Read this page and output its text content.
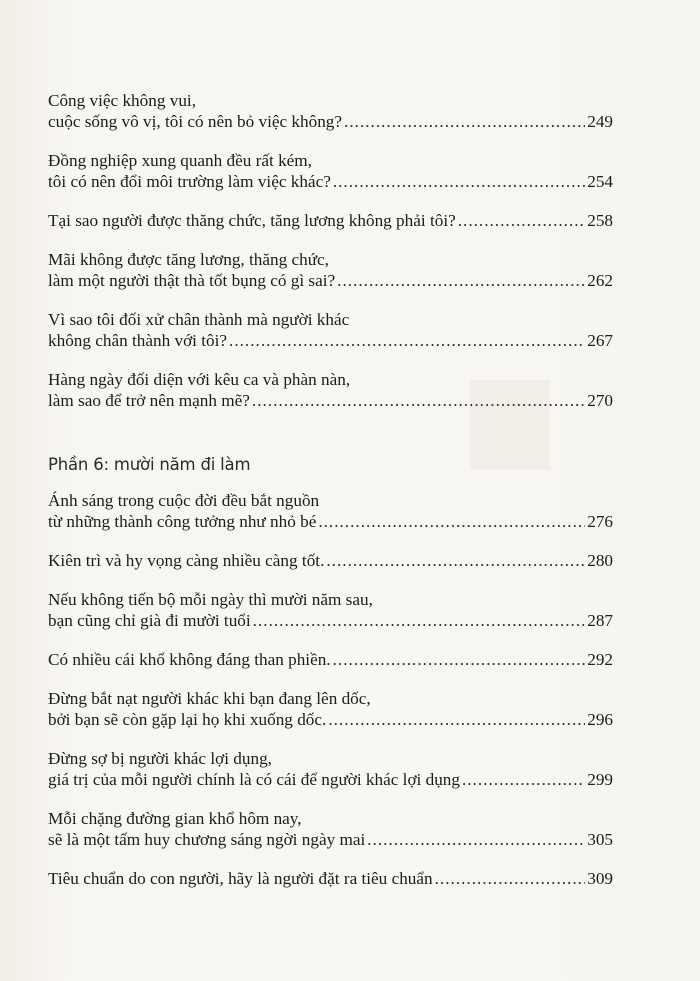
Công việc không vui,
cuộc sống vô vị, tôi có nên bỏ việc không? .....	249
Đồng nghiệp xung quanh đều rất kém,
tôi có nên đổi môi trường làm việc khác? .....	254
Tại sao người được thăng chức, tăng lương không phải tôi? .....	258
Mãi không được tăng lương, thăng chức,
làm một người thật thà tốt bụng có gì sai? .....	262
Vì sao tôi đối xử chân thành mà người khác
không chân thành với tôi? .....	267
Hàng ngày đối diện với kêu ca và phàn nàn,
làm sao để trở nên mạnh mẽ? .....	270
Phần 6: mười năm đi làm
Ánh sáng trong cuộc đời đều bắt nguồn
từ những thành công tưởng như nhỏ bé .....	276
Kiên trì và hy vọng càng nhiều càng tốt. .....	280
Nếu không tiến bộ mỗi ngày thì mười năm sau,
bạn cũng chỉ già đi mười tuổi .....	287
Có nhiều cái khổ không đáng than phiền. .....	292
Đừng bắt nạt người khác khi bạn đang lên dốc,
bởi bạn sẽ còn gặp lại họ khi xuống dốc. .....	296
Đừng sợ bị người khác lợi dụng,
giá trị của mỗi người chính là có cái để người khác lợi dụng .....	299
Mỗi chặng đường gian khổ hôm nay,
sẽ là một tấm huy chương sáng ngời ngày mai .....	305
Tiêu chuẩn do con người, hãy là người đặt ra tiêu chuẩn .....	309
